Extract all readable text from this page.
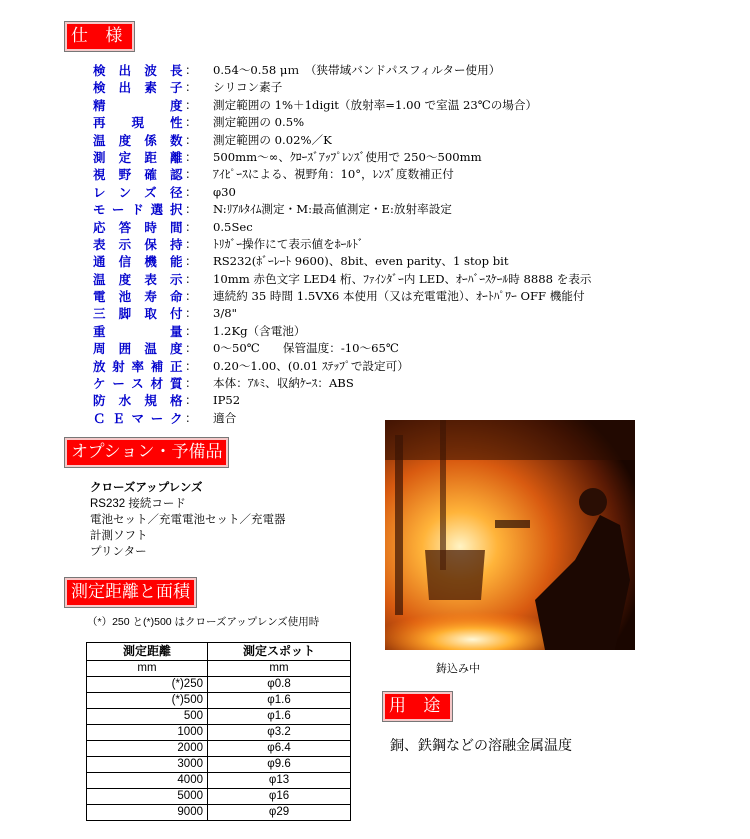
仕 様
検出波長 ：	0.54～0.58 μｍ　（狭帯域バンドパスフィルター使用）
検出素子 ：	シリコン素子
精度 ：	測定範囲の 1%＋1digit（放射率=1.00 で室温 23℃の場合）
再現性 ：	測定範囲の 0.5%
温度係数 ：	測定範囲の 0.02%／K
測定距離 ：	500mm～∞、ｸﾛｰｽﾞｱｯﾌﾟﾚﾝｽﾞ使用で 250～500mm
視野確認 ：	ｱｲﾋﾟｰｽによる、視野角：10°，ﾚﾝｽﾞ度数補正付
レンズ径 ：	φ30
モード選択 ：	N:ﾘｱﾙﾀｲﾑ測定・M:最高値測定・E:放射率設定
応答時間 ：	0.5Sec
表示保持 ：	ﾄﾘｶﾞｰ操作にて表示値をﾎｰﾙﾄﾞ
通信機能 ：	RS232(ﾎﾞｰﾚｰﾄ 9600)、8bit、even parity、1 stop bit
温度表示 ：	10mm 赤色文字 LED4 桁、ﾌｧｲﾝﾀﾞｰ内 LED、ｵｰﾊﾞｰｽｹｰﾙ時 8888 を表示
電池寿命 ：	連続約 35 時間 1.5VX6 本使用（又は充電電池）、ｵｰﾄﾊﾟﾜｰ OFF 機能付
三脚取付 ：	3/8"
重量 ：	1.2Kg（含電池）
周囲温度 ：	0～50℃　　保管温度：-10～65℃
放射率補正 ：	0.20～1.00、(0.01 ｽﾃｯﾌﾟで設定可）
ケース材質 ：	本体：ｱﾙﾐ、収納ｹｰｽ：ABS
防水規格 ：	IP52
ＣＥマーク ：	適合
オプション・予備品
クローズアップレンズ
RS232 接続コード
電池セット／充電電池セット／充電器
計測ソフト
プリンター
測定距離と面積
（*）250 と(*)500 はクローズアップレンズ使用時
測定距離	測定スポット
mm	mm
(*)250	φ0.8
(*)500	φ1.6
500	φ1.6
1000	φ3.2
2000	φ6.4
3000	φ9.6
4000	φ13
5000	φ16
9000	φ29
鋳込み中
用 途
銅、鉄鋼などの溶融金属温度
